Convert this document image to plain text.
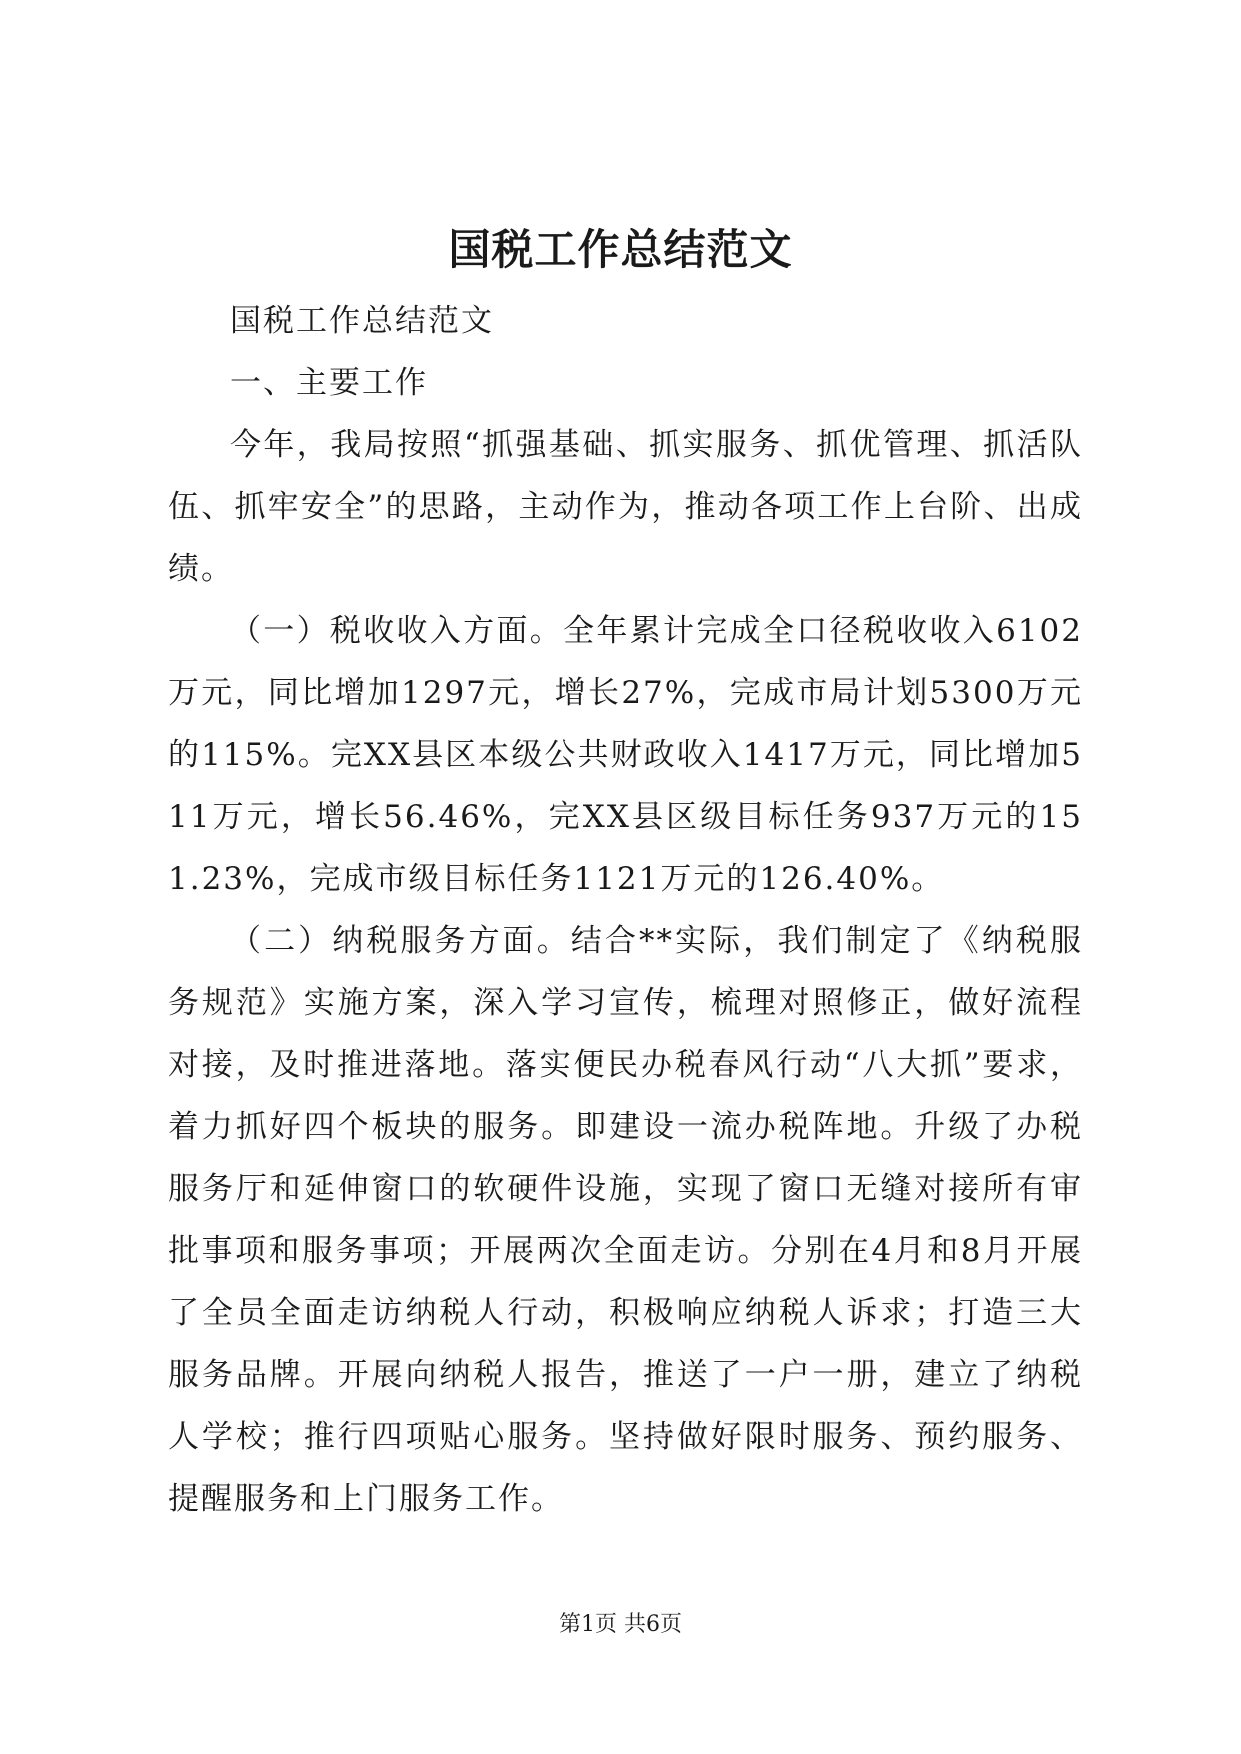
国税工作总结范文

国税工作总结范文

一、主要工作

今年，我局按照“抓强基础、抓实服务、抓优管理、抓活队伍、抓牢安全”的思路，主动作为，推动各项工作上台阶、出成绩。

（一）税收收入方面。全年累计完成全口径税收收入6102万元，同比增加1297元，增长27%，完成市局计划5300万元的115%。完XX县区本级公共财政收入1417万元，同比增加511万元，增长56.46%，完XX县区级目标任务937万元的151.23%，完成市级目标任务1121万元的126.40%。

（二）纳税服务方面。结合**实际，我们制定了《纳税服务规范》实施方案，深入学习宣传，梳理对照修正，做好流程对接，及时推进落地。落实便民办税春风行动“八大抓”要求，着力抓好四个板块的服务。即建设一流办税阵地。升级了办税服务厅和延伸窗口的软硬件设施，实现了窗口无缝对接所有审批事项和服务事项；开展两次全面走访。分别在4月和8月开展了全员全面走访纳税人行动，积极响应纳税人诉求；打造三大服务品牌。开展向纳税人报告，推送了一户一册，建立了纳税人学校；推行四项贴心服务。坚持做好限时服务、预约服务、提醒服务和上门服务工作。

第1页 共6页
